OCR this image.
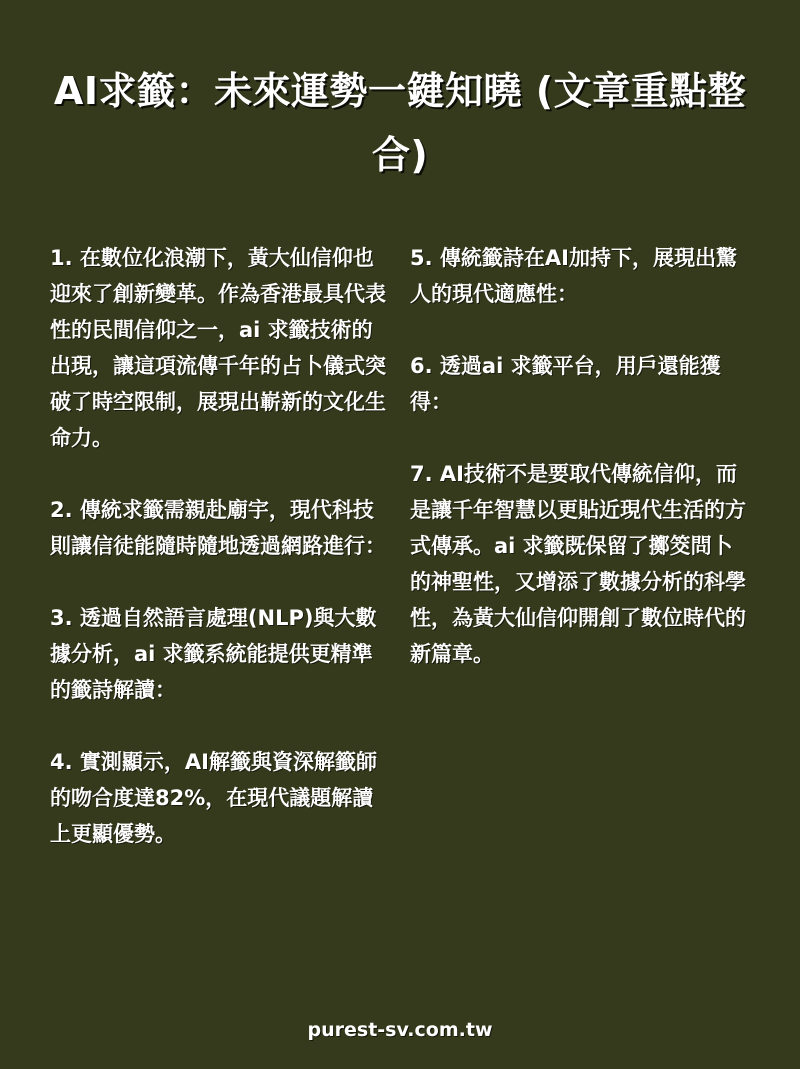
AI求籤：未來運勢一鍵知曉 (文章重點整合)

1. 在數位化浪潮下，黃大仙信仰也迎來了創新變革。作為香港最具代表性的民間信仰之一，ai 求籤技術的出現，讓這項流傳千年的占卜儀式突破了時空限制，展現出嶄新的文化生命力。

2. 傳統求籤需親赴廟宇，現代科技則讓信徒能隨時隨地透過網路進行：

3. 透過自然語言處理(NLP)與大數據分析，ai 求籤系統能提供更精準的籤詩解讀：

4. 實測顯示，AI解籤與資深解籤師的吻合度達82%，在現代議題解讀上更顯優勢。

5. 傳統籤詩在AI加持下，展現出驚人的現代適應性：

6. 透過ai 求籤平台，用戶還能獲得：

7. AI技術不是要取代傳統信仰，而是讓千年智慧以更貼近現代生活的方式傳承。ai 求籤既保留了擲筊問卜的神聖性，又增添了數據分析的科學性，為黃大仙信仰開創了數位時代的新篇章。

purest-sv.com.tw
